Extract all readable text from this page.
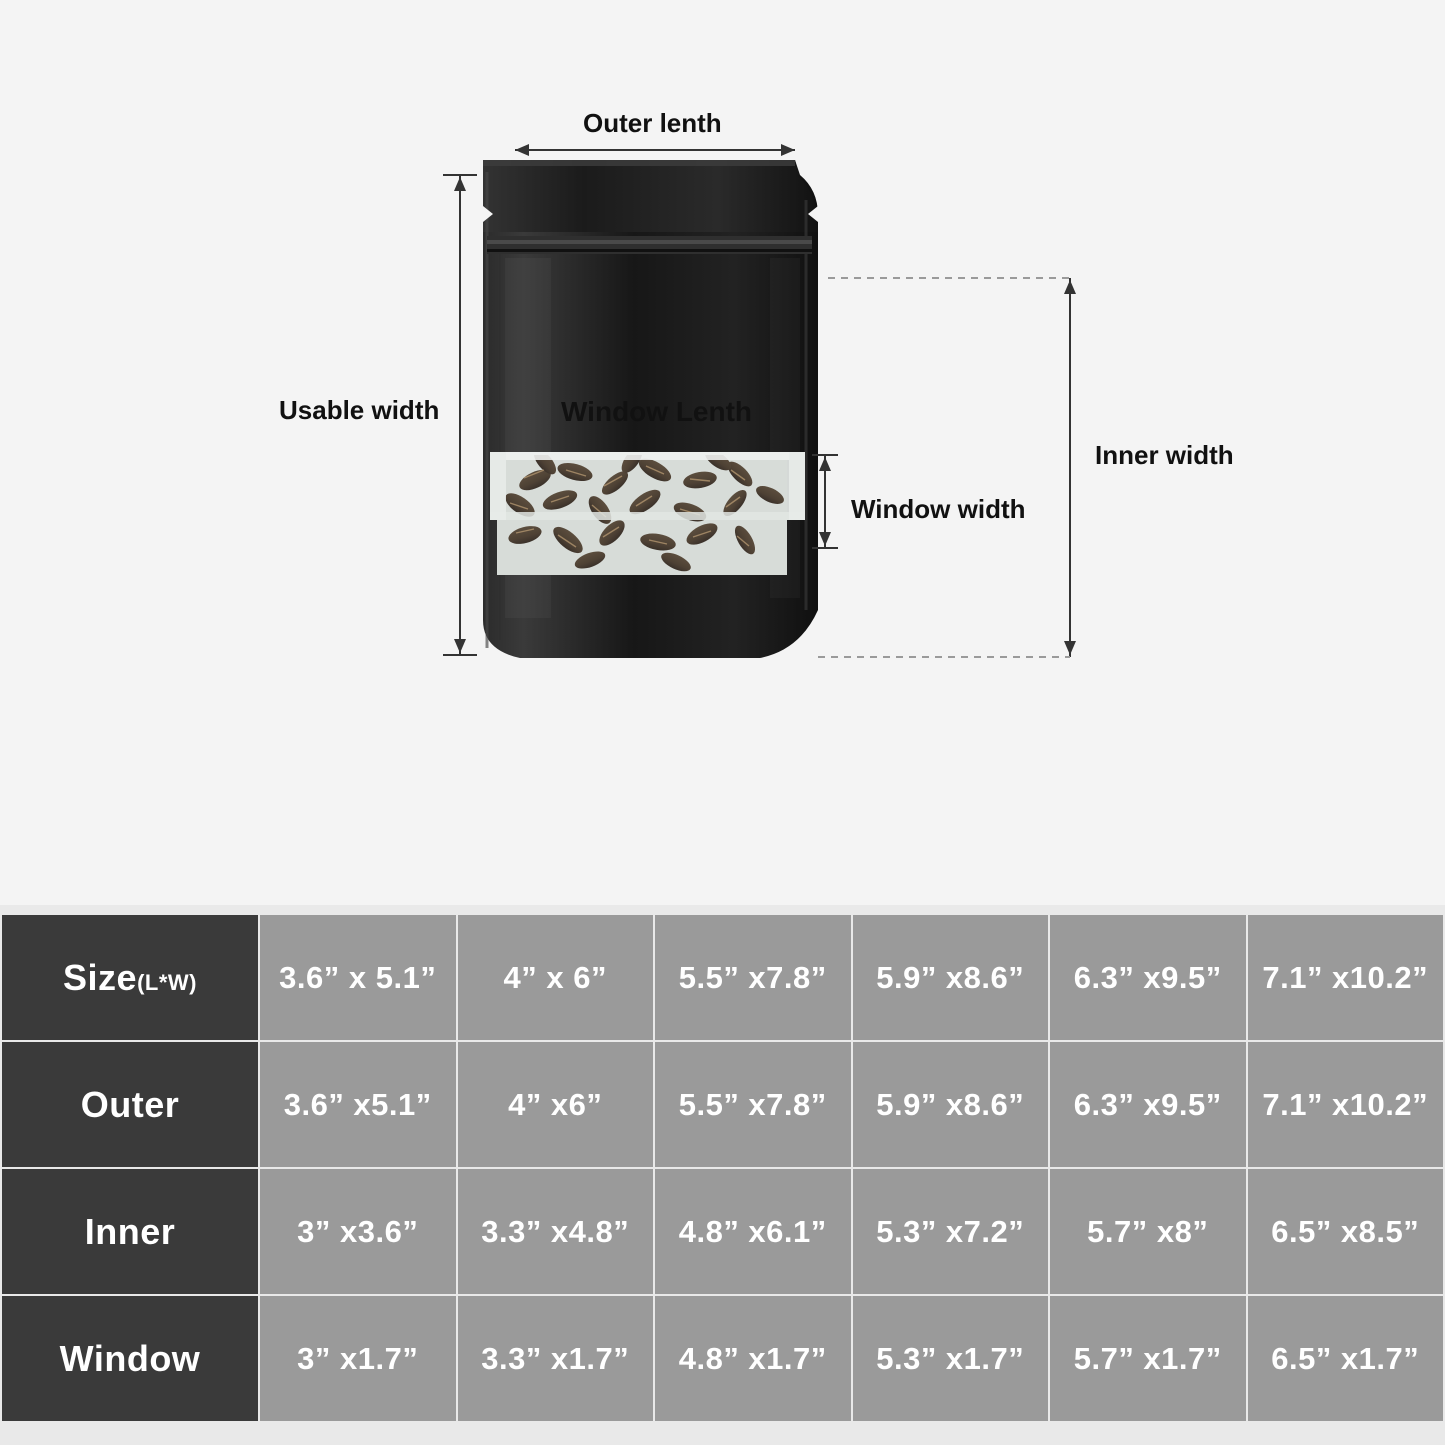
Outer lenth
Usable width	Window Lenth
Window width
Inner width
Size(L*W)	3.6” x 5.1”	4” x 6”	5.5” x7.8”	5.9” x8.6”	6.3” x9.5”	7.1” x10.2”
Outer	3.6” x5.1”	4” x6”	5.5” x7.8”	5.9” x8.6”	6.3” x9.5”	7.1” x10.2”
Inner	3” x3.6”	3.3” x4.8”	4.8” x6.1”	5.3” x7.2”	5.7” x8”	6.5” x8.5”
Window	3” x1.7”	3.3” x1.7”	4.8” x1.7”	5.3” x1.7”	5.7” x1.7”	6.5” x1.7”
